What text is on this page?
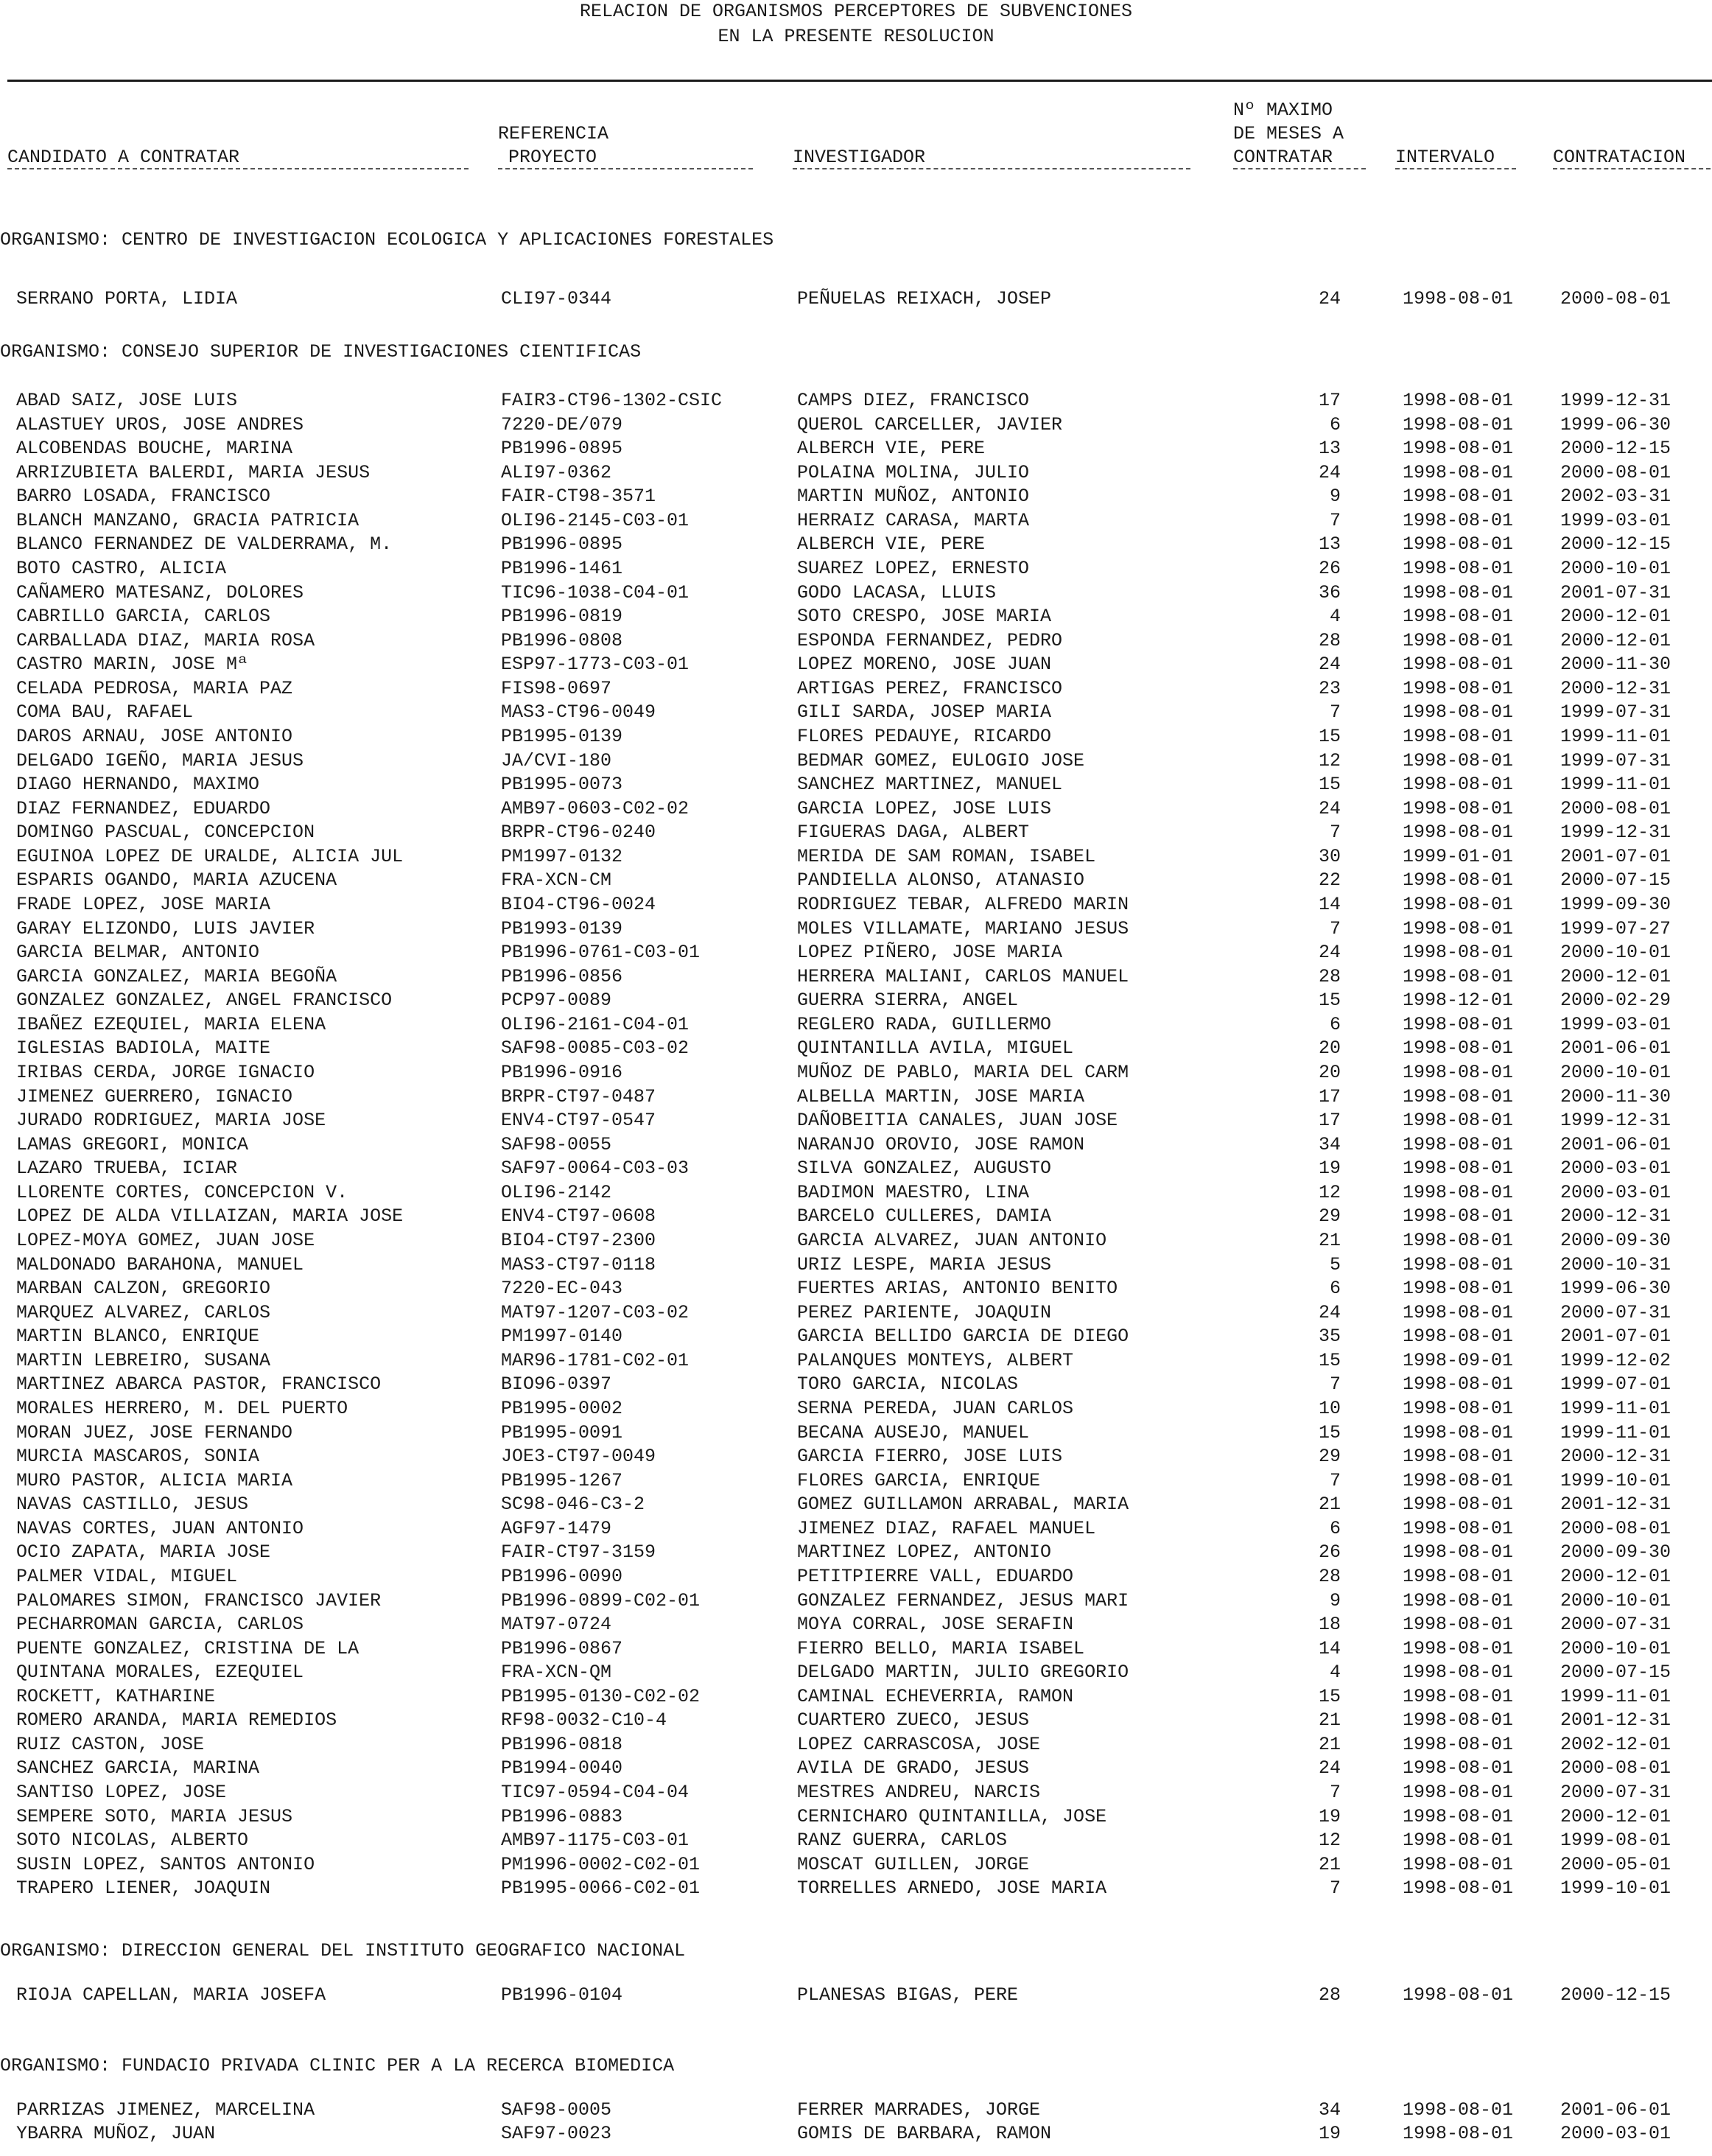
RELACION DE ORGANISMOS PERCEPTORES DE SUBVENCIONES
EN LA PRESENTE RESOLUCION
CANDIDATO A CONTRATAR
REFERENCIA
PROYECTO	INVESTIGADOR
Nº MAXIMO
DE MESES A
CONTRATAR	INTERVALO	CONTRATACION
ORGANISMO: CENTRO DE INVESTIGACION ECOLOGICA Y APLICACIONES FORESTALES
SERRANO PORTA, LIDIA	CLI97-0344	PEÑUELAS REIXACH, JOSEP	24	1998-08-01	2000-08-01
ORGANISMO: CONSEJO SUPERIOR DE INVESTIGACIONES CIENTIFICAS
ABAD SAIZ, JOSE LUIS	FAIR3-CT96-1302-CSIC	CAMPS DIEZ, FRANCISCO	17	1998-08-01	1999-12-31
ALASTUEY UROS, JOSE ANDRES	7220-DE/079	QUEROL CARCELLER, JAVIER	6	1998-08-01	1999-06-30
ALCOBENDAS BOUCHE, MARINA	PB1996-0895	ALBERCH VIE, PERE	13	1998-08-01	2000-12-15
ARRIZUBIETA BALERDI, MARIA JESUS	ALI97-0362	POLAINA MOLINA, JULIO	24	1998-08-01	2000-08-01
BARRO LOSADA, FRANCISCO	FAIR-CT98-3571	MARTIN MUÑOZ, ANTONIO	9	1998-08-01	2002-03-31
BLANCH MANZANO, GRACIA PATRICIA	OLI96-2145-C03-01	HERRAIZ CARASA, MARTA	7	1998-08-01	1999-03-01
BLANCO FERNANDEZ DE VALDERRAMA, M.	PB1996-0895	ALBERCH VIE, PERE	13	1998-08-01	2000-12-15
BOTO CASTRO, ALICIA	PB1996-1461	SUAREZ LOPEZ, ERNESTO	26	1998-08-01	2000-10-01
CAÑAMERO MATESANZ, DOLORES	TIC96-1038-C04-01	GODO LACASA, LLUIS	36	1998-08-01	2001-07-31
CABRILLO GARCIA, CARLOS	PB1996-0819	SOTO CRESPO, JOSE MARIA	4	1998-08-01	2000-12-01
CARBALLADA DIAZ, MARIA ROSA	PB1996-0808	ESPONDA FERNANDEZ, PEDRO	28	1998-08-01	2000-12-01
CASTRO MARIN, JOSE Mª	ESP97-1773-C03-01	LOPEZ MORENO, JOSE JUAN	24	1998-08-01	2000-11-30
CELADA PEDROSA, MARIA PAZ	FIS98-0697	ARTIGAS PEREZ, FRANCISCO	23	1998-08-01	2000-12-31
COMA BAU, RAFAEL	MAS3-CT96-0049	GILI SARDA, JOSEP MARIA	7	1998-08-01	1999-07-31
DAROS ARNAU, JOSE ANTONIO	PB1995-0139	FLORES PEDAUYE, RICARDO	15	1998-08-01	1999-11-01
DELGADO IGEÑO, MARIA JESUS	JA/CVI-180	BEDMAR GOMEZ, EULOGIO JOSE	12	1998-08-01	1999-07-31
DIAGO HERNANDO, MAXIMO	PB1995-0073	SANCHEZ MARTINEZ, MANUEL	15	1998-08-01	1999-11-01
DIAZ FERNANDEZ, EDUARDO	AMB97-0603-C02-02	GARCIA LOPEZ, JOSE LUIS	24	1998-08-01	2000-08-01
DOMINGO PASCUAL, CONCEPCION	BRPR-CT96-0240	FIGUERAS DAGA, ALBERT	7	1998-08-01	1999-12-31
EGUINOA LOPEZ DE URALDE, ALICIA JUL	PM1997-0132	MERIDA DE SAM ROMAN, ISABEL	30	1999-01-01	2001-07-01
ESPARIS OGANDO, MARIA AZUCENA	FRA-XCN-CM	PANDIELLA ALONSO, ATANASIO	22	1998-08-01	2000-07-15
FRADE LOPEZ, JOSE MARIA	BIO4-CT96-0024	RODRIGUEZ TEBAR, ALFREDO MARIN	14	1998-08-01	1999-09-30
GARAY ELIZONDO, LUIS JAVIER	PB1993-0139	MOLES VILLAMATE, MARIANO JESUS	7	1998-08-01	1999-07-27
GARCIA BELMAR, ANTONIO	PB1996-0761-C03-01	LOPEZ PIÑERO, JOSE MARIA	24	1998-08-01	2000-10-01
GARCIA GONZALEZ, MARIA BEGOÑA	PB1996-0856	HERRERA MALIANI, CARLOS MANUEL	28	1998-08-01	2000-12-01
GONZALEZ GONZALEZ, ANGEL FRANCISCO	PCP97-0089	GUERRA SIERRA, ANGEL	15	1998-12-01	2000-02-29
IBAÑEZ EZEQUIEL, MARIA ELENA	OLI96-2161-C04-01	REGLERO RADA, GUILLERMO	6	1998-08-01	1999-03-01
IGLESIAS BADIOLA, MAITE	SAF98-0085-C03-02	QUINTANILLA AVILA, MIGUEL	20	1998-08-01	2001-06-01
IRIBAS CERDA, JORGE IGNACIO	PB1996-0916	MUÑOZ DE PABLO, MARIA DEL CARM	20	1998-08-01	2000-10-01
JIMENEZ GUERRERO, IGNACIO	BRPR-CT97-0487	ALBELLA MARTIN, JOSE MARIA	17	1998-08-01	2000-11-30
JURADO RODRIGUEZ, MARIA JOSE	ENV4-CT97-0547	DAÑOBEITIA CANALES, JUAN JOSE	17	1998-08-01	1999-12-31
LAMAS GREGORI, MONICA	SAF98-0055	NARANJO OROVIO, JOSE RAMON	34	1998-08-01	2001-06-01
LAZARO TRUEBA, ICIAR	SAF97-0064-C03-03	SILVA GONZALEZ, AUGUSTO	19	1998-08-01	2000-03-01
LLORENTE CORTES, CONCEPCION V.	OLI96-2142	BADIMON MAESTRO, LINA	12	1998-08-01	2000-03-01
LOPEZ DE ALDA VILLAIZAN, MARIA JOSE	ENV4-CT97-0608	BARCELO CULLERES, DAMIA	29	1998-08-01	2000-12-31
LOPEZ-MOYA GOMEZ, JUAN JOSE	BIO4-CT97-2300	GARCIA ALVAREZ, JUAN ANTONIO	21	1998-08-01	2000-09-30
MALDONADO BARAHONA, MANUEL	MAS3-CT97-0118	URIZ LESPE, MARIA JESUS	5	1998-08-01	2000-10-31
MARBAN CALZON, GREGORIO	7220-EC-043	FUERTES ARIAS, ANTONIO BENITO	6	1998-08-01	1999-06-30
MARQUEZ ALVAREZ, CARLOS	MAT97-1207-C03-02	PEREZ PARIENTE, JOAQUIN	24	1998-08-01	2000-07-31
MARTIN BLANCO, ENRIQUE	PM1997-0140	GARCIA BELLIDO GARCIA DE DIEGO	35	1998-08-01	2001-07-01
MARTIN LEBREIRO, SUSANA	MAR96-1781-C02-01	PALANQUES MONTEYS, ALBERT	15	1998-09-01	1999-12-02
MARTINEZ ABARCA PASTOR, FRANCISCO	BIO96-0397	TORO GARCIA, NICOLAS	7	1998-08-01	1999-07-01
MORALES HERRERO, M. DEL PUERTO	PB1995-0002	SERNA PEREDA, JUAN CARLOS	10	1998-08-01	1999-11-01
MORAN JUEZ, JOSE FERNANDO	PB1995-0091	BECANA AUSEJO, MANUEL	15	1998-08-01	1999-11-01
MURCIA MASCAROS, SONIA	JOE3-CT97-0049	GARCIA FIERRO, JOSE LUIS	29	1998-08-01	2000-12-31
MURO PASTOR, ALICIA MARIA	PB1995-1267	FLORES GARCIA, ENRIQUE	7	1998-08-01	1999-10-01
NAVAS CASTILLO, JESUS	SC98-046-C3-2	GOMEZ GUILLAMON ARRABAL, MARIA	21	1998-08-01	2001-12-31
NAVAS CORTES, JUAN ANTONIO	AGF97-1479	JIMENEZ DIAZ, RAFAEL MANUEL	6	1998-08-01	2000-08-01
OCIO ZAPATA, MARIA JOSE	FAIR-CT97-3159	MARTINEZ LOPEZ, ANTONIO	26	1998-08-01	2000-09-30
PALMER VIDAL, MIGUEL	PB1996-0090	PETITPIERRE VALL, EDUARDO	28	1998-08-01	2000-12-01
PALOMARES SIMON, FRANCISCO JAVIER	PB1996-0899-C02-01	GONZALEZ FERNANDEZ, JESUS MARI	9	1998-08-01	2000-10-01
PECHARROMAN GARCIA, CARLOS	MAT97-0724	MOYA CORRAL, JOSE SERAFIN	18	1998-08-01	2000-07-31
PUENTE GONZALEZ, CRISTINA DE LA	PB1996-0867	FIERRO BELLO, MARIA ISABEL	14	1998-08-01	2000-10-01
QUINTANA MORALES, EZEQUIEL	FRA-XCN-QM	DELGADO MARTIN, JULIO GREGORIO	4	1998-08-01	2000-07-15
ROCKETT, KATHARINE	PB1995-0130-C02-02	CAMINAL ECHEVERRIA, RAMON	15	1998-08-01	1999-11-01
ROMERO ARANDA, MARIA REMEDIOS	RF98-0032-C10-4	CUARTERO ZUECO, JESUS	21	1998-08-01	2001-12-31
RUIZ CASTON, JOSE	PB1996-0818	LOPEZ CARRASCOSA, JOSE	21	1998-08-01	2002-12-01
SANCHEZ GARCIA, MARINA	PB1994-0040	AVILA DE GRADO, JESUS	24	1998-08-01	2000-08-01
SANTISO LOPEZ, JOSE	TIC97-0594-C04-04	MESTRES ANDREU, NARCIS	7	1998-08-01	2000-07-31
SEMPERE SOTO, MARIA JESUS	PB1996-0883	CERNICHARO QUINTANILLA, JOSE	19	1998-08-01	2000-12-01
SOTO NICOLAS, ALBERTO	AMB97-1175-C03-01	RANZ GUERRA, CARLOS	12	1998-08-01	1999-08-01
SUSIN LOPEZ, SANTOS ANTONIO	PM1996-0002-C02-01	MOSCAT GUILLEN, JORGE	21	1998-08-01	2000-05-01
TRAPERO LIENER, JOAQUIN	PB1995-0066-C02-01	TORRELLES ARNEDO, JOSE MARIA	7	1998-08-01	1999-10-01
ORGANISMO: DIRECCION GENERAL DEL INSTITUTO GEOGRAFICO NACIONAL
RIOJA CAPELLAN, MARIA JOSEFA	PB1996-0104	PLANESAS BIGAS, PERE	28	1998-08-01	2000-12-15
ORGANISMO: FUNDACIO PRIVADA CLINIC PER A LA RECERCA BIOMEDICA
PARRIZAS JIMENEZ, MARCELINA	SAF98-0005	FERRER MARRADES, JORGE	34	1998-08-01	2001-06-01
YBARRA MUÑOZ, JUAN	SAF97-0023	GOMIS DE BARBARA, RAMON	19	1998-08-01	2000-03-01
